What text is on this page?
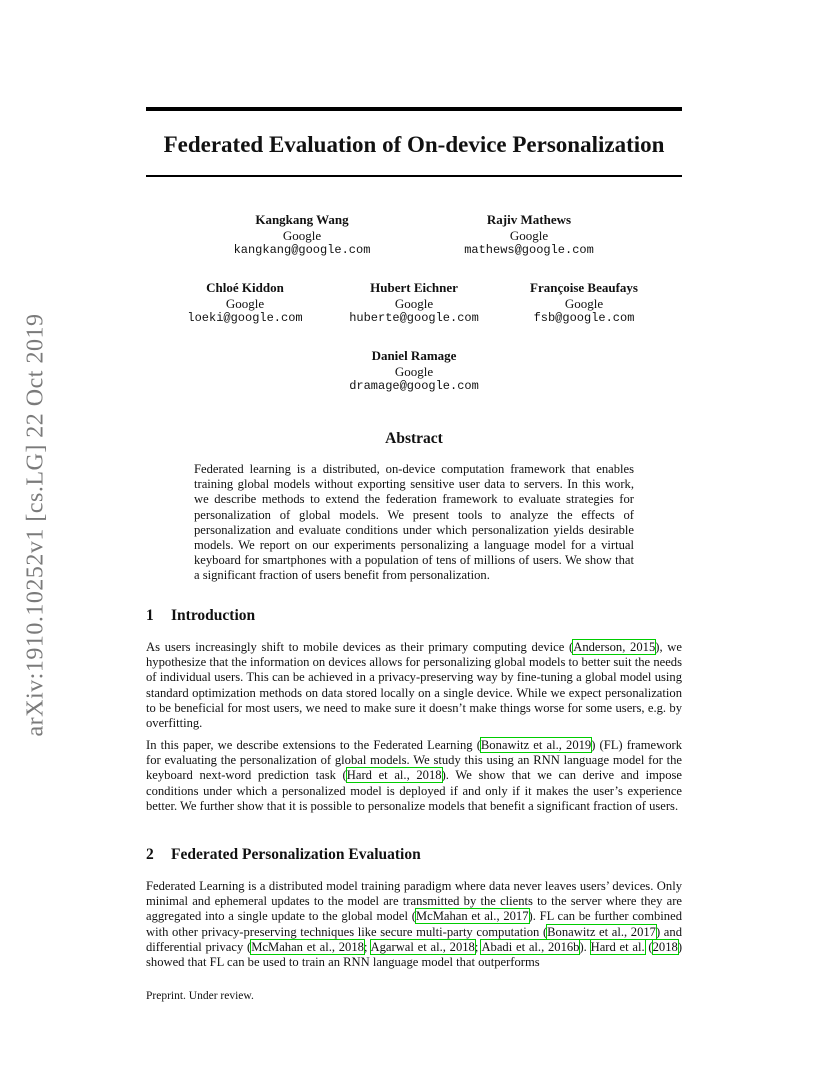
arXiv:1910.10252v1 [cs.LG] 22 Oct 2019
Federated Evaluation of On-device Personalization
Kangkang Wang
Google
kangkang@google.com
Rajiv Mathews
Google
mathews@google.com
Chloé Kiddon
Google
loeki@google.com
Hubert Eichner
Google
huberte@google.com
Françoise Beaufays
Google
fsb@google.com
Daniel Ramage
Google
dramage@google.com
Abstract
Federated learning is a distributed, on-device computation framework that enables training global models without exporting sensitive user data to servers. In this work, we describe methods to extend the federation framework to evaluate strategies for personalization of global models. We present tools to analyze the effects of personalization and evaluate conditions under which personalization yields desirable models. We report on our experiments personalizing a language model for a virtual keyboard for smartphones with a population of tens of millions of users. We show that a significant fraction of users benefit from personalization.
1 Introduction
As users increasingly shift to mobile devices as their primary computing device (Anderson, 2015), we hypothesize that the information on devices allows for personalizing global models to better suit the needs of individual users. This can be achieved in a privacy-preserving way by fine-tuning a global model using standard optimization methods on data stored locally on a single device. While we expect personalization to be beneficial for most users, we need to make sure it doesn’t make things worse for some users, e.g. by overfitting.
In this paper, we describe extensions to the Federated Learning (Bonawitz et al., 2019) (FL) framework for evaluating the personalization of global models. We study this using an RNN language model for the keyboard next-word prediction task (Hard et al., 2018). We show that we can derive and impose conditions under which a personalized model is deployed if and only if it makes the user’s experience better. We further show that it is possible to personalize models that benefit a significant fraction of users.
2 Federated Personalization Evaluation
Federated Learning is a distributed model training paradigm where data never leaves users’ devices. Only minimal and ephemeral updates to the model are transmitted by the clients to the server where they are aggregated into a single update to the global model (McMahan et al., 2017). FL can be further combined with other privacy-preserving techniques like secure multi-party computation (Bonawitz et al., 2017) and differential privacy (McMahan et al., 2018; Agarwal et al., 2018; Abadi et al., 2016b). Hard et al. (2018) showed that FL can be used to train an RNN language model that outperforms
Preprint. Under review.
